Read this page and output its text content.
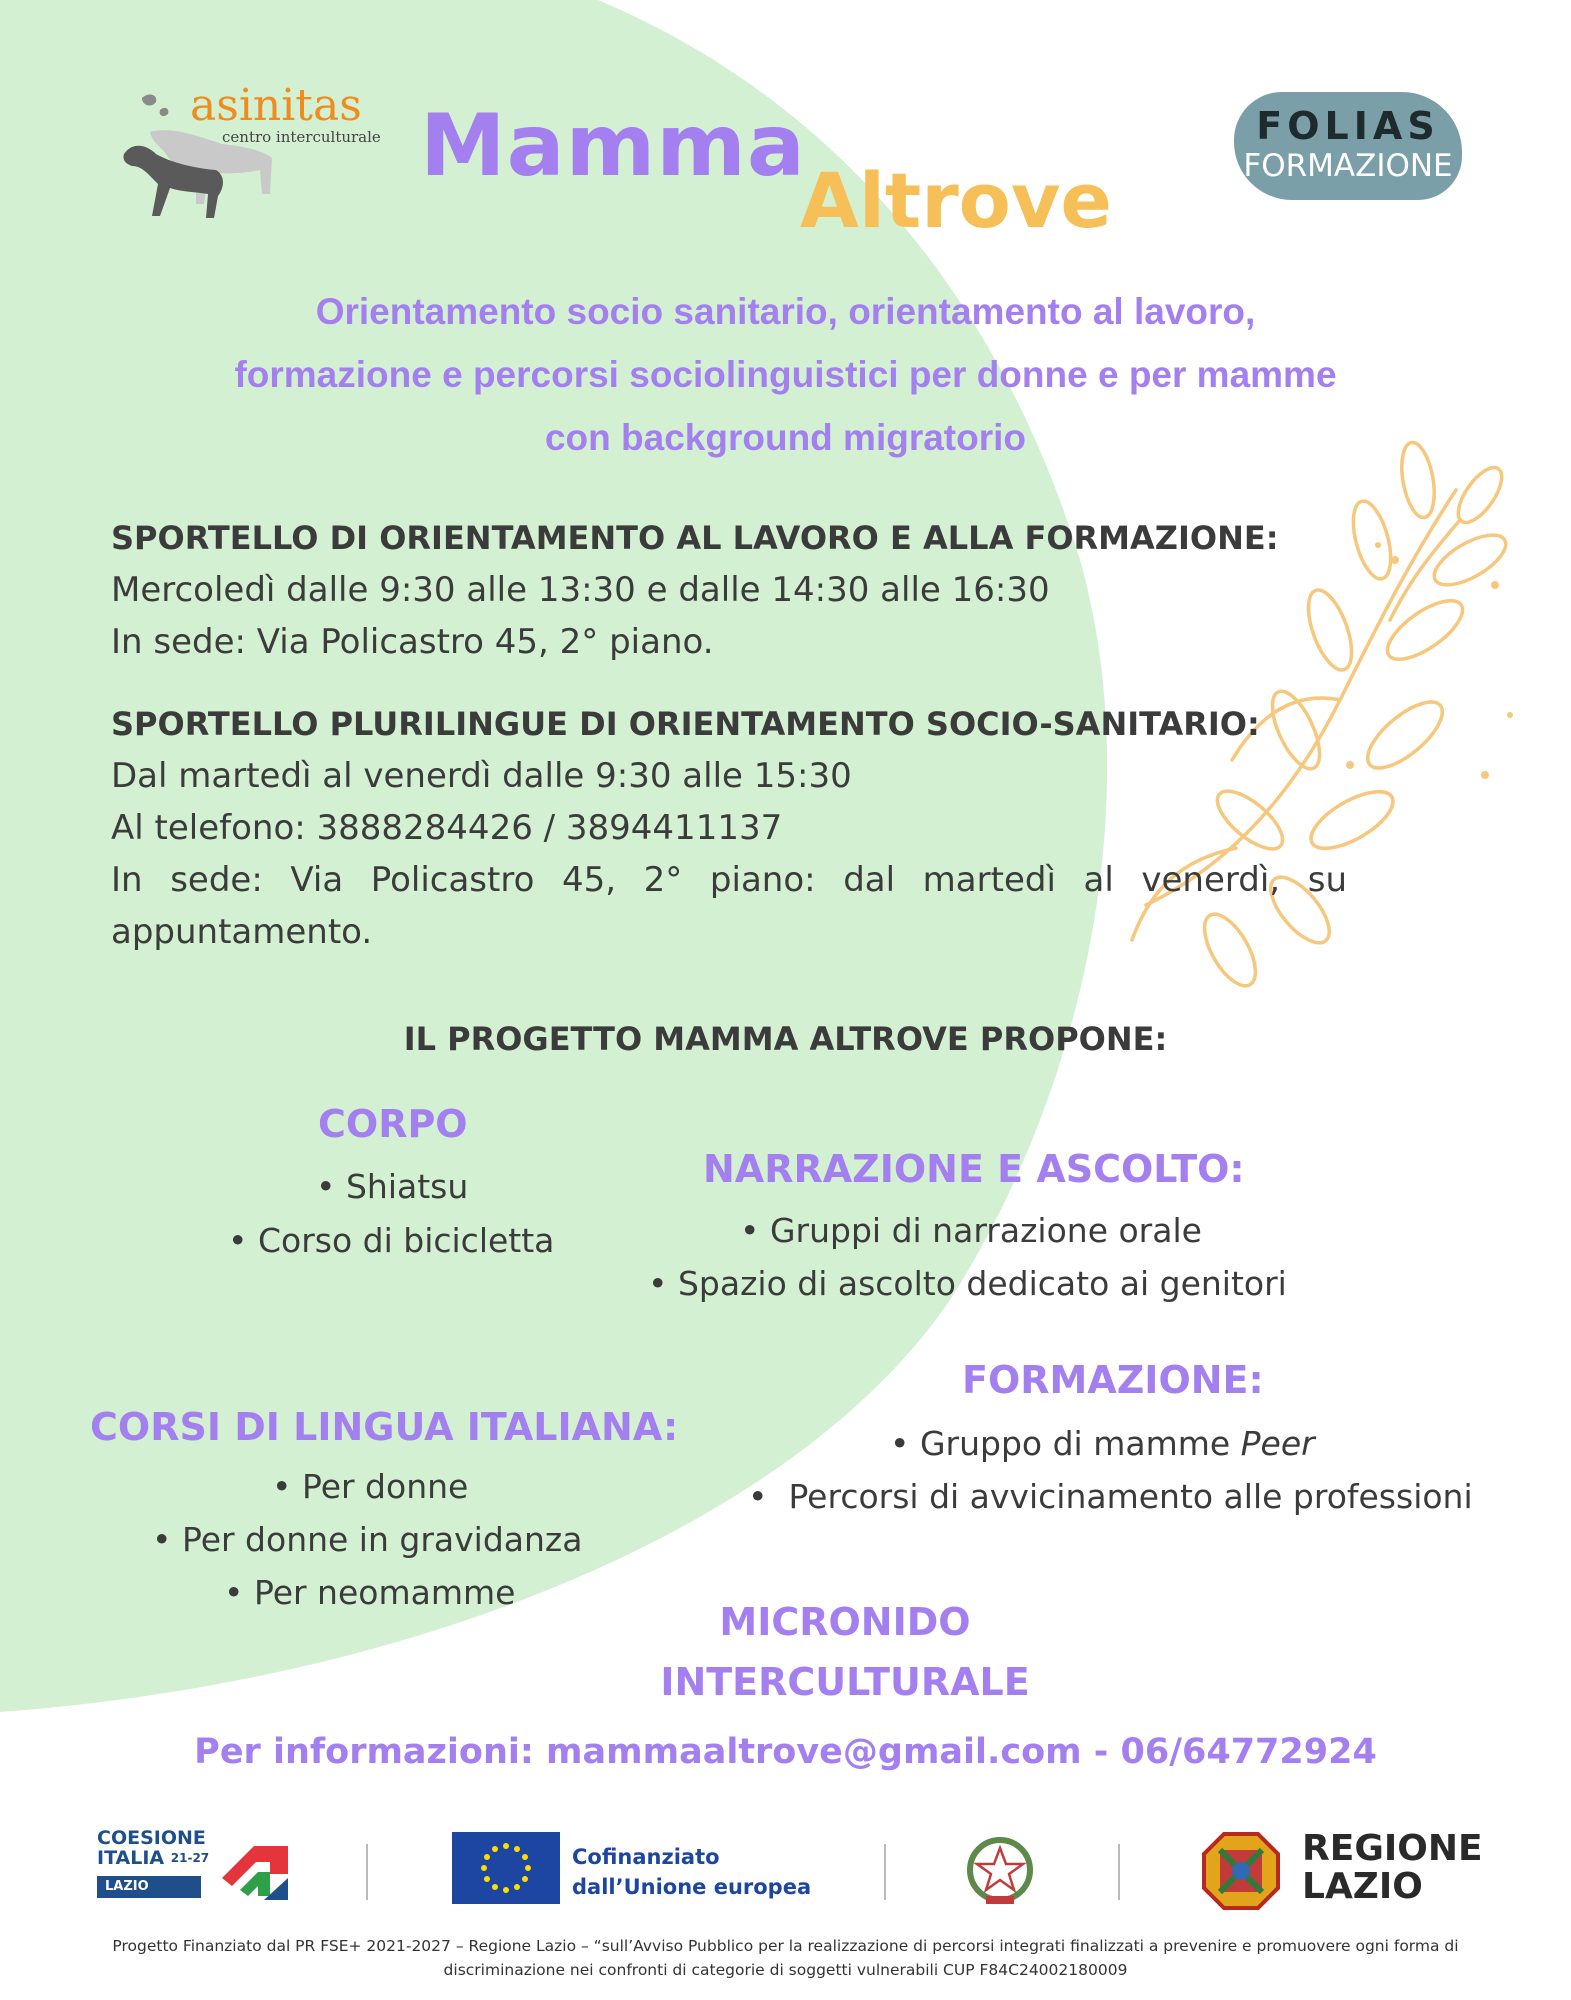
asinitas
centro interculturale Mamma
Altrove
FOLIAS
FORMAZIONE
Orientamento socio sanitario, orientamento al lavoro,
formazione e percorsi sociolinguistici per donne e per mamme
con background migratorio
SPORTELLO DI ORIENTAMENTO AL LAVORO E ALLA FORMAZIONE:
Mercoledì dalle 9:30 alle 13:30 e dalle 14:30 alle 16:30
In sede: Via Policastro 45, 2° piano.
SPORTELLO PLURILINGUE DI ORIENTAMENTO SOCIO-SANITARIO:
Dal martedì al venerdì dalle 9:30 alle 15:30
Al telefono: 3888284426 / 3894411137
In sede: Via Policastro 45, 2° piano: dal martedì al venerdì, su appuntamento.
IL PROGETTO MAMMA ALTROVE PROPONE:
CORPO
• Shiatsu
• Corso di bicicletta
NARRAZIONE E ASCOLTO:
• Gruppi di narrazione orale
• Spazio di ascolto dedicato ai genitori
FORMAZIONE:
• Gruppo di mamme Peer
•  Percorsi di avvicinamento alle professioni
CORSI DI LINGUA ITALIANA:
• Per donne
• Per donne in gravidanza
• Per neomamme
MICRONIDO
INTERCULTURALE
Per informazioni: mammaaltrove@gmail.com - 06/64772924
COESIONE
ITALIA $^{21-27}$
LAZIO
Cofinanziato
dall’Unione europea
REGIONE
LAZIO
Progetto Finanziato dal PR FSE+ 2021-2027 – Regione Lazio – “sull’Avviso Pubblico per la realizzazione di percorsi integrati finalizzati a prevenire e promuovere ogni forma di discriminazione nei confronti di categorie di soggetti vulnerabili CUP F84C24002180009
